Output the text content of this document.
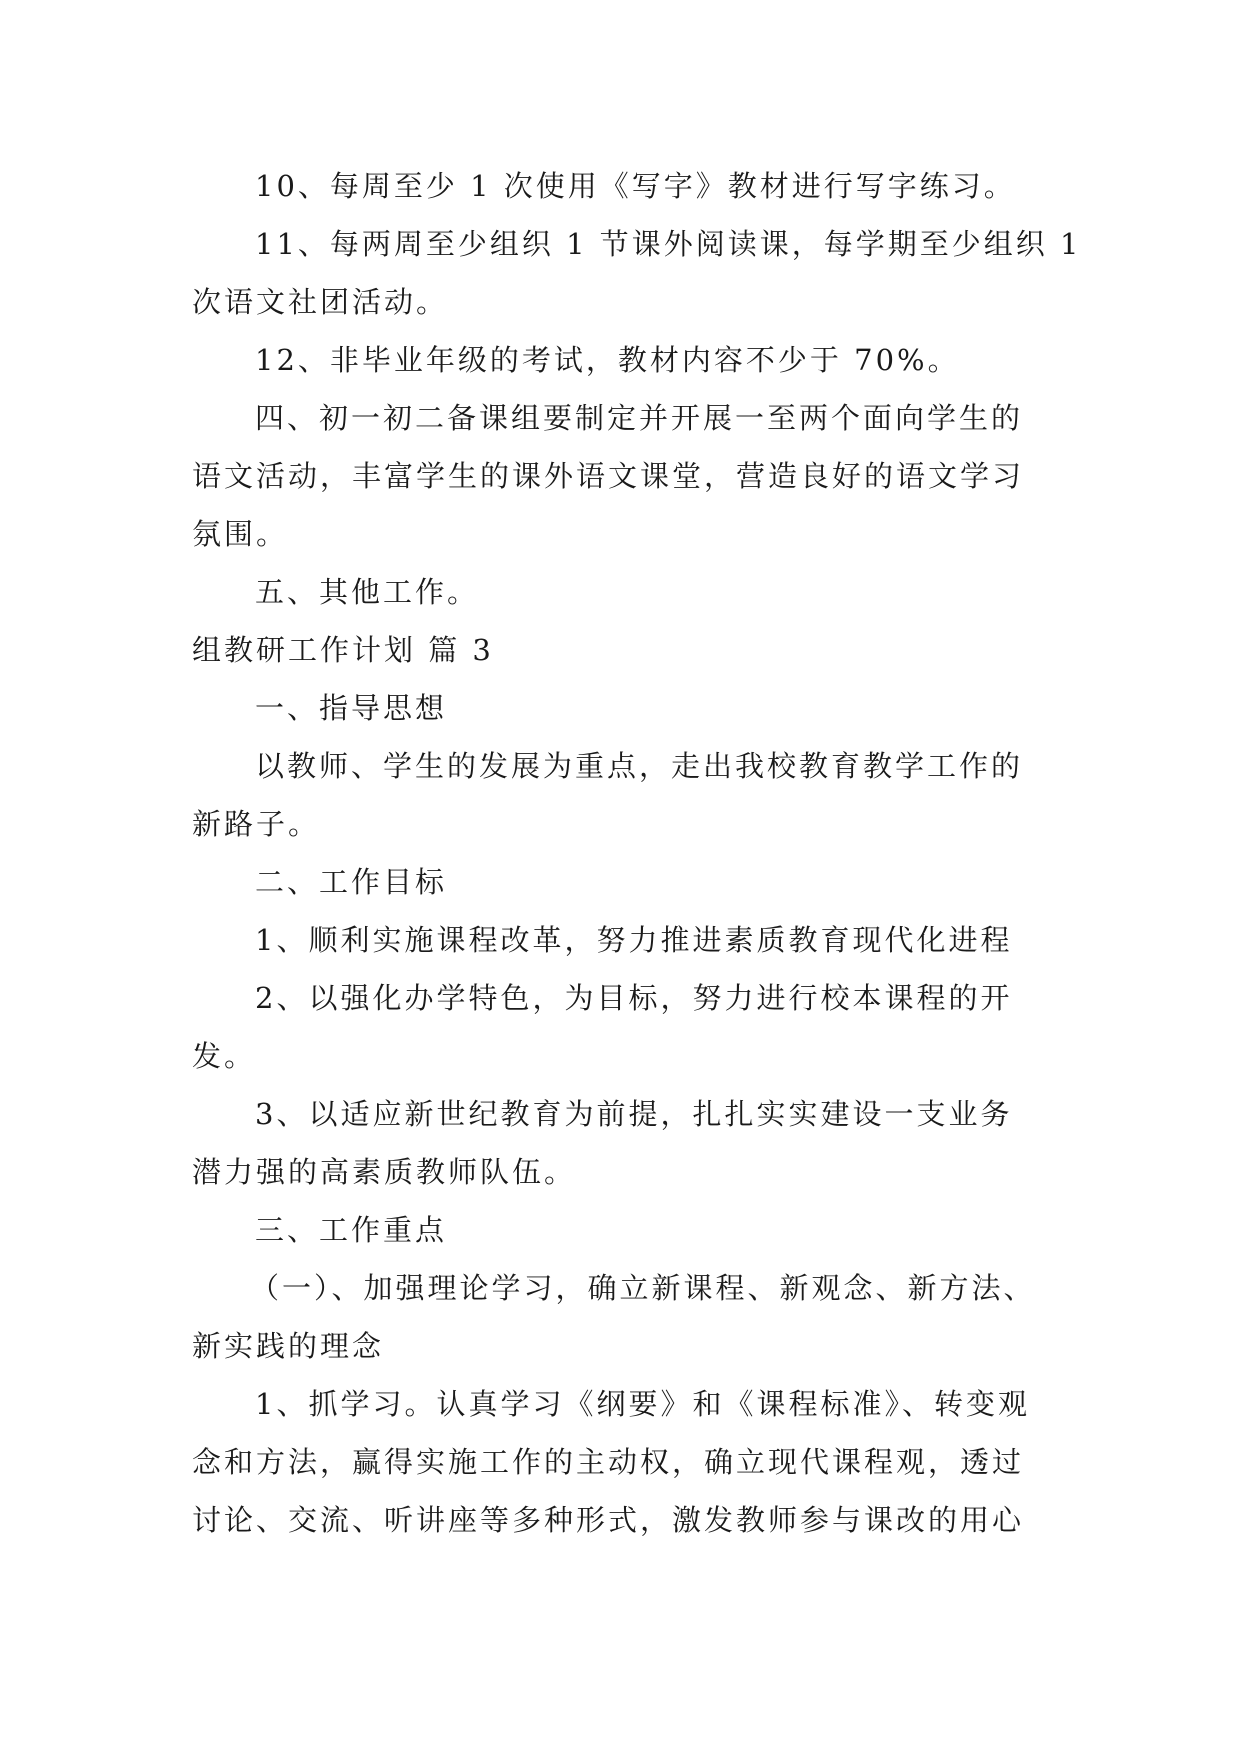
10、每周至少 1 次使用《写字》教材进行写字练习。
11、每两周至少组织 1 节课外阅读课，每学期至少组织 1
次语文社团活动。
12、非毕业年级的考试，教材内容不少于 70%。
四、初一初二备课组要制定并开展一至两个面向学生的
语文活动，丰富学生的课外语文课堂，营造良好的语文学习
氛围。
五、其他工作。
组教研工作计划 篇 3
一、指导思想
以教师、学生的发展为重点，走出我校教育教学工作的
新路子。
二、工作目标
1、顺利实施课程改革，努力推进素质教育现代化进程
2、以强化办学特色，为目标，努力进行校本课程的开
发。
3、以适应新世纪教育为前提，扎扎实实建设一支业务
潜力强的高素质教师队伍。
三、工作重点
（一）、加强理论学习，确立新课程、新观念、新方法、
新实践的理念
1、抓学习。认真学习《纲要》和《课程标准》、转变观
念和方法，赢得实施工作的主动权，确立现代课程观，透过
讨论、交流、听讲座等多种形式，激发教师参与课改的用心
